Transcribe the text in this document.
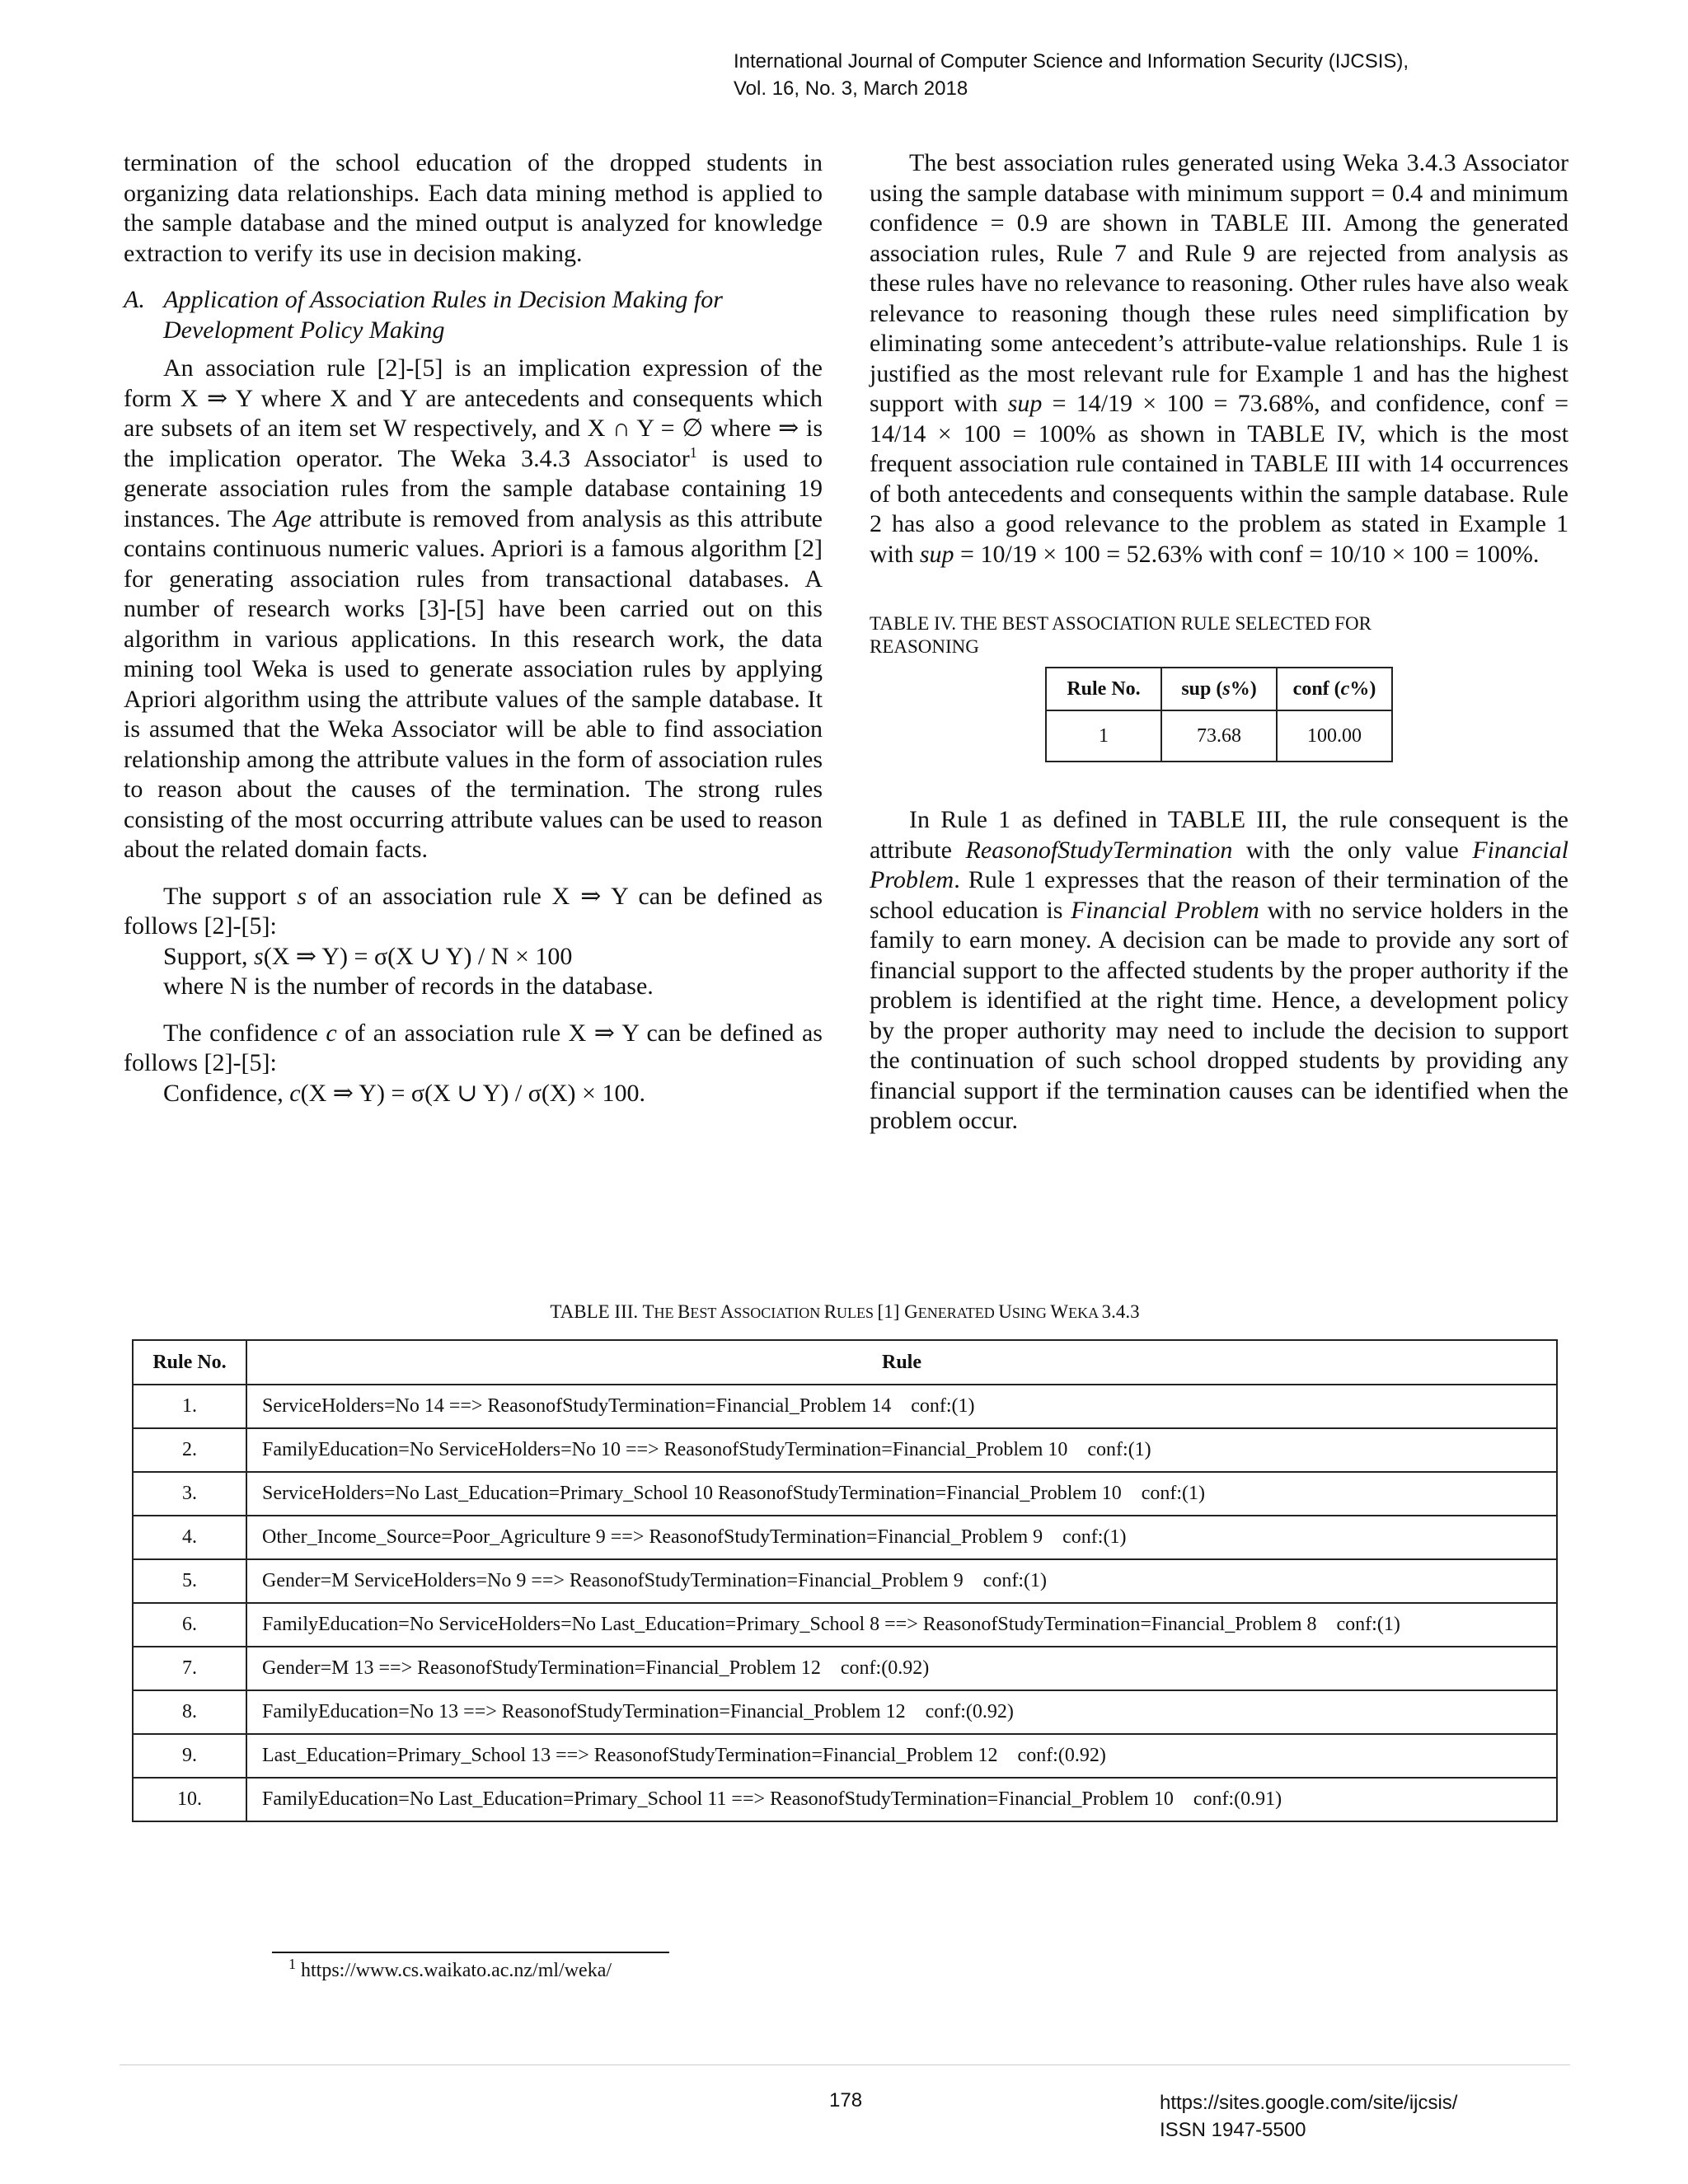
International Journal of Computer Science and Information Security (IJCSIS),
Vol. 16, No. 3, March 2018

termination of the school education of the dropped students in organizing data relationships. Each data mining method is applied to the sample database and the mined output is analyzed for knowledge extraction to verify its use in decision making.

A. Application of Association Rules in Decision Making for
Development Policy Making

An association rule [2]-[5] is an implication expression of the form X ⇒ Y where X and Y are antecedents and consequents which are subsets of an item set W respectively, and X ∩ Y = ∅ where ⇒ is the implication operator. The Weka 3.4.3 Associator$^1$ is used to generate association rules from the sample database containing 19 instances. The Age attribute is removed from analysis as this attribute contains continuous numeric values. Apriori is a famous algorithm [2] for generating association rules from transactional databases. A number of research works [3]-[5] have been carried out on this algorithm in various applications. In this research work, the data mining tool Weka is used to generate association rules by applying Apriori algorithm using the attribute values of the sample database. It is assumed that the Weka Associator will be able to find association relationship among the attribute values in the form of association rules to reason about the causes of the termination. The strong rules consisting of the most occurring attribute values can be used to reason about the related domain facts.

The support s of an association rule X ⇒ Y can be defined as follows [2]-[5]:

Support, s(X ⇒ Y) = σ(X ∪ Y) / N × 100

where N is the number of records in the database.

The confidence c of an association rule X ⇒ Y can be defined as follows [2]-[5]:

Confidence, c(X ⇒ Y) = σ(X ∪ Y) / σ(X) × 100.

The best association rules generated using Weka 3.4.3 Associator using the sample database with minimum support = 0.4 and minimum confidence = 0.9 are shown in TABLE III. Among the generated association rules, Rule 7 and Rule 9 are rejected from analysis as these rules have no relevance to reasoning. Other rules have also weak relevance to reasoning though these rules need simplification by eliminating some antecedent’s attribute-value relationships. Rule 1 is justified as the most relevant rule for Example 1 and has the highest support with sup = 14/19 × 100 = 73.68%, and confidence, conf = 14/14 × 100 = 100% as shown in TABLE IV, which is the most frequent association rule contained in TABLE III with 14 occurrences of both antecedents and consequents within the sample database. Rule 2 has also a good relevance to the problem as stated in Example 1 with sup = 10/19 × 100 = 52.63% with conf = 10/10 × 100 = 100%.

TABLE IV. THE BEST ASSOCIATION RULE SELECTED FOR
REASONING

Rule No.	sup (s%)	conf (c%)
1	73.68	100.00

In Rule 1 as defined in TABLE III, the rule consequent is the attribute ReasonofStudyTermination with the only value Financial Problem. Rule 1 expresses that the reason of their termination of the school education is Financial Problem with no service holders in the family to earn money. A decision can be made to provide any sort of financial support to the affected students by the proper authority if the problem is identified at the right time. Hence, a development policy by the proper authority may need to include the decision to support the continuation of such school dropped students by providing any financial support if the termination causes can be identified when the problem occur.

TABLE III. THE BEST ASSOCIATION RULES [1] GENERATED USING WEKA 3.4.3

Rule No.	Rule
1.	ServiceHolders=No 14 ==> ReasonofStudyTermination=Financial_Problem 14    conf:(1)
2.	FamilyEducation=No ServiceHolders=No 10 ==> ReasonofStudyTermination=Financial_Problem 10    conf:(1)
3.	ServiceHolders=No Last_Education=Primary_School 10 ReasonofStudyTermination=Financial_Problem 10    conf:(1)
4.	Other_Income_Source=Poor_Agriculture 9 ==> ReasonofStudyTermination=Financial_Problem 9    conf:(1)
5.	Gender=M ServiceHolders=No 9 ==> ReasonofStudyTermination=Financial_Problem 9    conf:(1)
6.	FamilyEducation=No ServiceHolders=No Last_Education=Primary_School 8 ==> ReasonofStudyTermination=Financial_Problem 8    conf:(1)
7.	Gender=M 13 ==> ReasonofStudyTermination=Financial_Problem 12    conf:(0.92)
8.	FamilyEducation=No 13 ==> ReasonofStudyTermination=Financial_Problem 12    conf:(0.92)
9.	Last_Education=Primary_School 13 ==> ReasonofStudyTermination=Financial_Problem 12    conf:(0.92)
10.	FamilyEducation=No Last_Education=Primary_School 11 ==> ReasonofStudyTermination=Financial_Problem 10    conf:(0.91)
$^1$ https://www.cs.waikato.ac.nz/ml/weka/
178	https://sites.google.com/site/ijcsis/
ISSN 1947-5500
